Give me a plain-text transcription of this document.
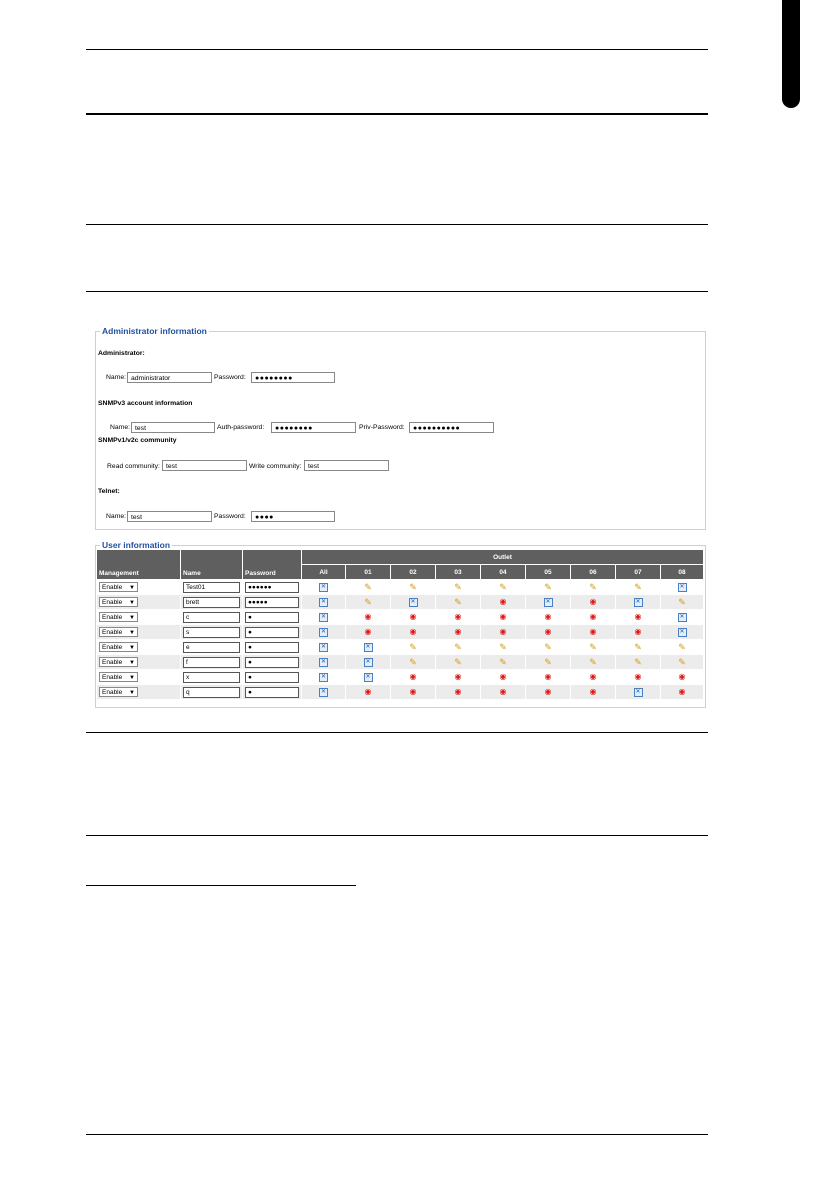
Administrator information
Administrator:
Name: administrator	Password:	●●●●●●●●
SNMPv3 account information
Name: test	Auth-password:	●●●●●●●●	Priv-Password:	●●●●●●●●●●
SNMPv1/v2c community
Read community: test	Write community: test
Telnet:
Name: test	Password:	●●●●
User information
Management	Name	Password	Outlet								
			All	01	02	03	04	05	06	07	08
Enable ▼	Test01	●●●●●●	✕	✎	✎	✎	✎	✎	✎	✎	✕
Enable ▼	brett	●●●●●	✕	✎	✕	✎	◉	✕	◉	✕	✎
Enable ▼	c	●	✕	◉	◉	◉	◉	◉	◉	◉	✕
Enable ▼	s	●	✕	◉	◉	◉	◉	◉	◉	◉	✕
Enable ▼	e	●	✕	✕	✎	✎	✎	✎	✎	✎	✎
Enable ▼	f	●	✕	✕	✎	✎	✎	✎	✎	✎	✎
Enable ▼	x	●	✕	✕	◉	◉	◉	◉	◉	◉	◉
Enable ▼	q	●	✕	◉	◉	◉	◉	◉	◉	✕	◉
